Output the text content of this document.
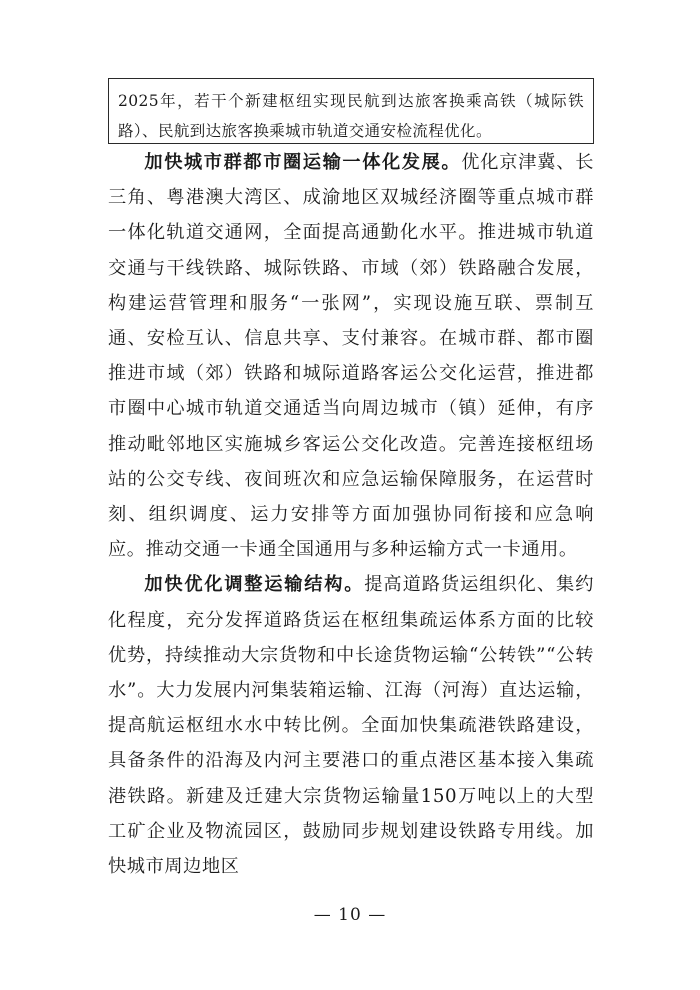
2025年，若干个新建枢纽实现民航到达旅客换乘高铁（城际铁路）、民航到达旅客换乘城市轨道交通安检流程优化。

加快城市群都市圈运输一体化发展。优化京津冀、长三角、粤港澳大湾区、成渝地区双城经济圈等重点城市群一体化轨道交通网，全面提高通勤化水平。推进城市轨道交通与干线铁路、城际铁路、市域（郊）铁路融合发展，构建运营管理和服务“一张网”，实现设施互联、票制互通、安检互认、信息共享、支付兼容。在城市群、都市圈推进市域（郊）铁路和城际道路客运公交化运营，推进都市圈中心城市轨道交通适当向周边城市（镇）延伸，有序推动毗邻地区实施城乡客运公交化改造。完善连接枢纽场站的公交专线、夜间班次和应急运输保障服务，在运营时刻、组织调度、运力安排等方面加强协同衔接和应急响应。推动交通一卡通全国通用与多种运输方式一卡通用。

加快优化调整运输结构。提高道路货运组织化、集约化程度，充分发挥道路货运在枢纽集疏运体系方面的比较优势，持续推动大宗货物和中长途货物运输“公转铁”“公转水”。大力发展内河集装箱运输、江海（河海）直达运输，提高航运枢纽水水中转比例。全面加快集疏港铁路建设，具备条件的沿海及内河主要港口的重点港区基本接入集疏港铁路。新建及迁建大宗货物运输量150万吨以上的大型工矿企业及物流园区，鼓励同步规划建设铁路专用线。加快城市周边地区

— 10 —
